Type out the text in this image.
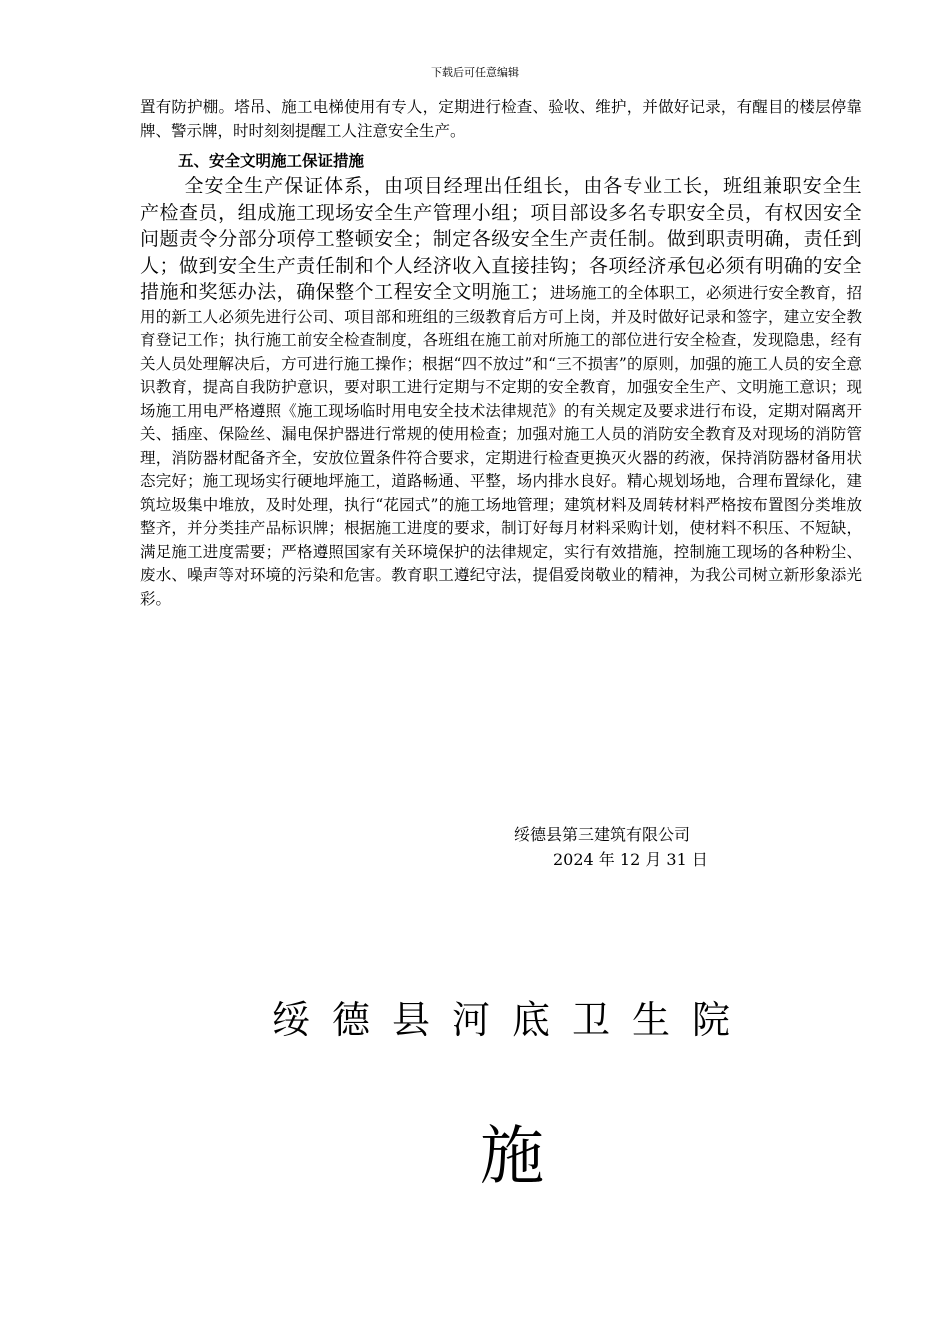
下载后可任意编辑
置有防护棚。塔吊、施工电梯使用有专人，定期进行检查、验收、维护，并做好记录，有醒目的楼层停靠牌、警示牌，时时刻刻提醒工人注意安全生产。
五、安全文明施工保证措施
全安全生产保证体系，由项目经理出任组长，由各专业工长，班组兼职安全生产检查员，组成施工现场安全生产管理小组；项目部设多名专职安全员，有权因安全问题责令分部分项停工整顿安全；制定各级安全生产责任制。做到职责明确，责任到人；做到安全生产责任制和个人经济收入直接挂钩；各项经济承包必须有明确的安全措施和奖惩办法，确保整个工程安全文明施工；进场施工的全体职工，必须进行安全教育，招用的新工人必须先进行公司、项目部和班组的三级教育后方可上岗，并及时做好记录和签字，建立安全教育登记工作；执行施工前安全检查制度，各班组在施工前对所施工的部位进行安全检查，发现隐患，经有关人员处理解决后，方可进行施工操作；根据“四不放过”和“三不损害”的原则，加强的施工人员的安全意识教育，提高自我防护意识，要对职工进行定期与不定期的安全教育，加强安全生产、文明施工意识；现场施工用电严格遵照《施工现场临时用电安全技术法律规范》的有关规定及要求进行布设，定期对隔离开关、插座、保险丝、漏电保护器进行常规的使用检查；加强对施工人员的消防安全教育及对现场的消防管理，消防器材配备齐全，安放位置条件符合要求，定期进行检查更换灭火器的药液，保持消防器材备用状态完好；施工现场实行硬地坪施工，道路畅通、平整，场内排水良好。精心规划场地，合理布置绿化，建筑垃圾集中堆放，及时处理，执行“花园式”的施工场地管理；建筑材料及周转材料严格按布置图分类堆放整齐，并分类挂产品标识牌；根据施工进度的要求，制订好每月材料采购计划，使材料不积压、不短缺，满足施工进度需要；严格遵照国家有关环境保护的法律规定，实行有效措施，控制施工现场的各种粉尘、废水、噪声等对环境的污染和危害。教育职工遵纪守法，提倡爱岗敬业的精神，为我公司树立新形象添光彩。
绥德县第三建筑有限公司
2024 年 12 月 31 日
绥德县河底卫生院
施
